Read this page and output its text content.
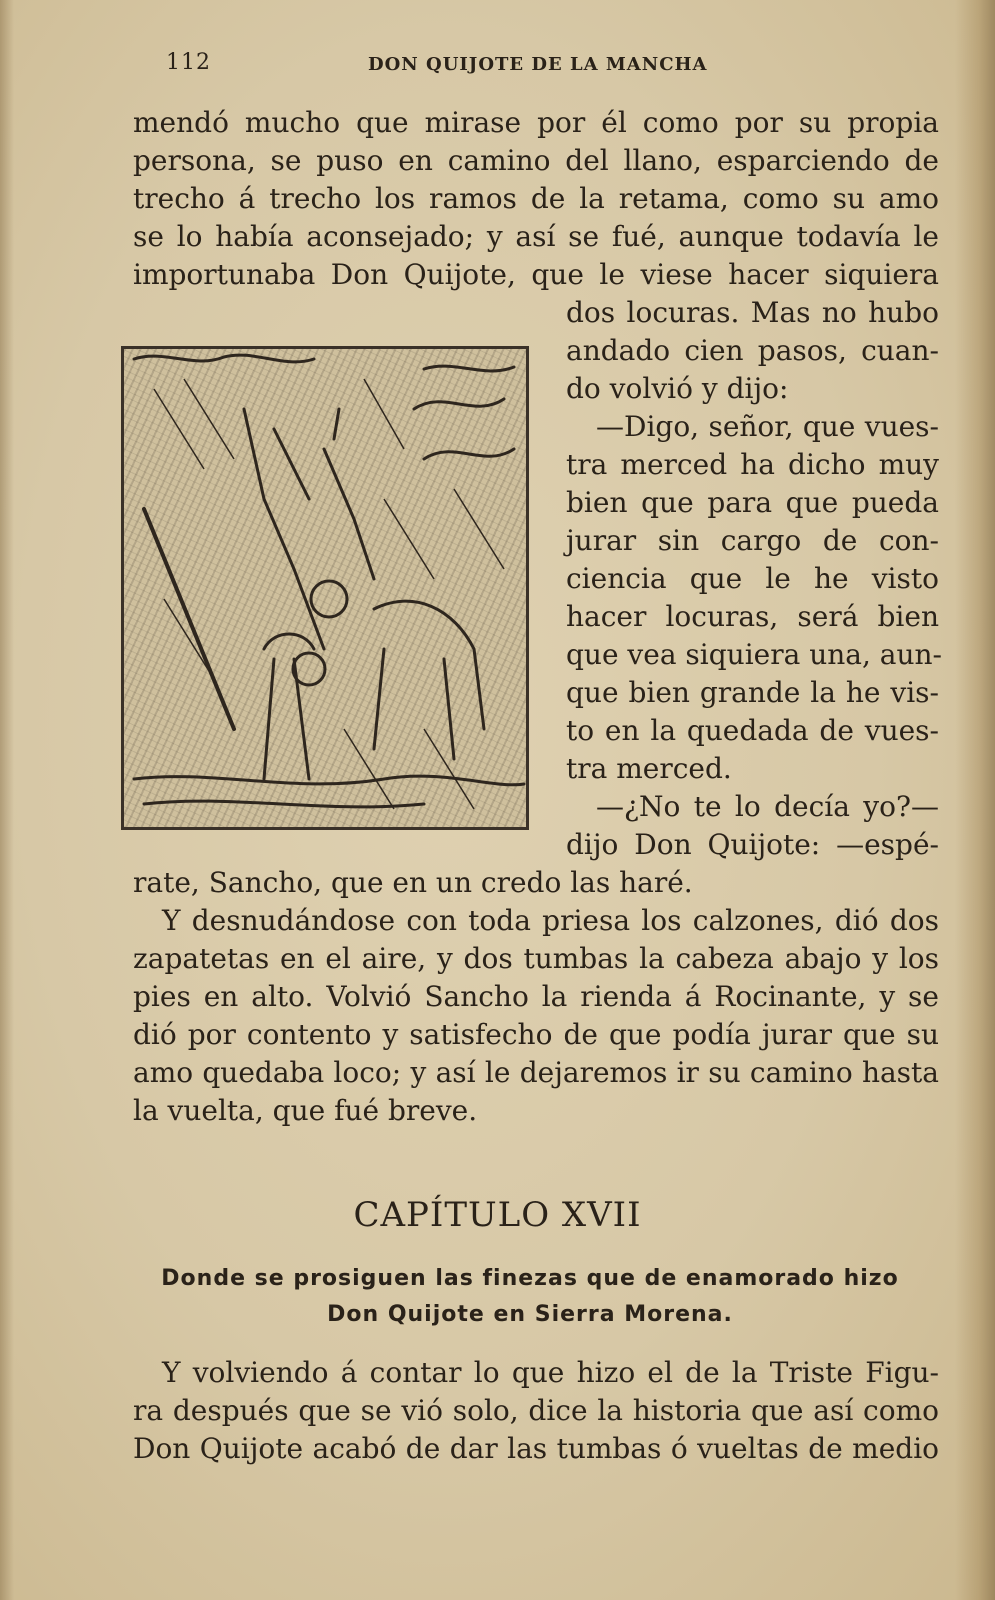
112	DON QUIJOTE DE LA MANCHA
mendó mucho que mirase por él como por su propia
persona, se puso en camino del llano, esparciendo de
trecho á trecho los ramos de la retama, como su amo
se lo había aconsejado; y así se fué, aunque todavía le
importunaba Don Quijote, que le viese hacer siquiera
dos locuras. Mas no hubo
andado cien pasos, cuan-
do volvió y dijo:
—Digo, señor, que vues-
tra merced ha dicho muy
bien que para que pueda
jurar sin cargo de con-
ciencia que le he visto
hacer locuras, será bien
que vea siquiera una, aun-
que bien grande la he vis-
to en la quedada de vues-
tra merced.
—¿No te lo decía yo?—
dijo Don Quijote: —espé-
rate, Sancho, que en un credo las haré.
Y desnudándose con toda priesa los calzones, dió dos
zapatetas en el aire, y dos tumbas la cabeza abajo y los
pies en alto. Volvió Sancho la rienda á Rocinante, y se
dió por contento y satisfecho de que podía jurar que su
amo quedaba loco; y así le dejaremos ir su camino hasta
la vuelta, que fué breve.
CAPÍTULO XVII
Donde se prosiguen las finezas que de enamorado hizo
Don Quijote en Sierra Morena.
Y volviendo á contar lo que hizo el de la Triste Figu-
ra después que se vió solo, dice la historia que así como
Don Quijote acabó de dar las tumbas ó vueltas de medio
